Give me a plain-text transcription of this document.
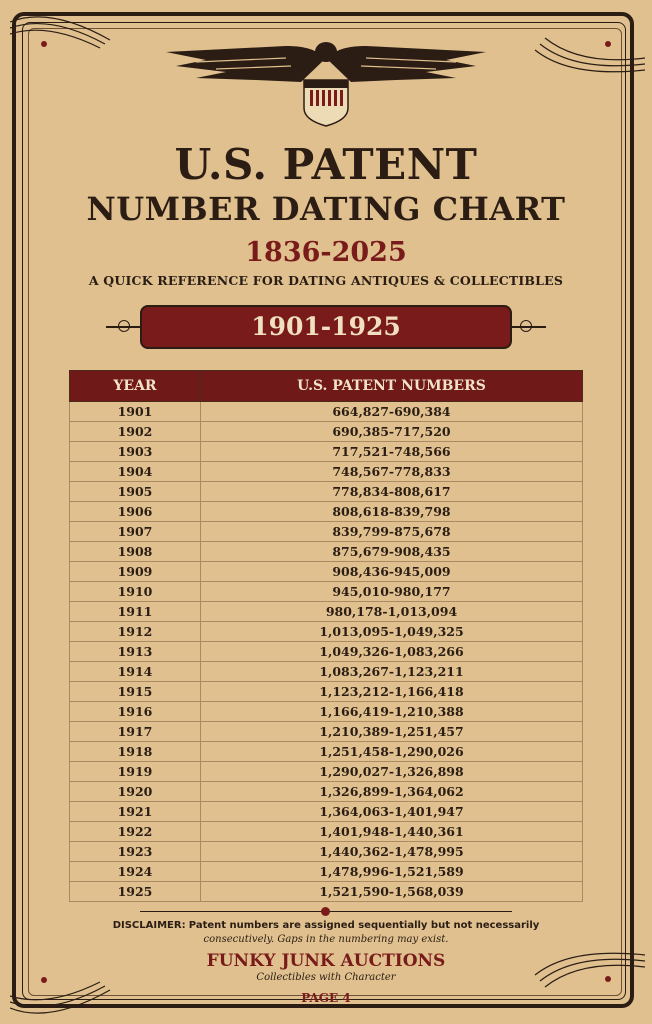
U.S. PATENT
NUMBER DATING CHART
1836-2025
A QUICK REFERENCE FOR DATING ANTIQUES & COLLECTIBLES
1901-1925
YEAR	U.S. PATENT NUMBERS
1901	664,827-690,384
1902	690,385-717,520
1903	717,521-748,566
1904	748,567-778,833
1905	778,834-808,617
1906	808,618-839,798
1907	839,799-875,678
1908	875,679-908,435
1909	908,436-945,009
1910	945,010-980,177
1911	980,178-1,013,094
1912	1,013,095-1,049,325
1913	1,049,326-1,083,266
1914	1,083,267-1,123,211
1915	1,123,212-1,166,418
1916	1,166,419-1,210,388
1917	1,210,389-1,251,457
1918	1,251,458-1,290,026
1919	1,290,027-1,326,898
1920	1,326,899-1,364,062
1921	1,364,063-1,401,947
1922	1,401,948-1,440,361
1923	1,440,362-1,478,995
1924	1,478,996-1,521,589
1925	1,521,590-1,568,039
DISCLAIMER: Patent numbers are assigned sequentially but not necessarily
consecutively. Gaps in the numbering may exist.
FUNKY JUNK AUCTIONS
Collectibles with Character
PAGE 4
